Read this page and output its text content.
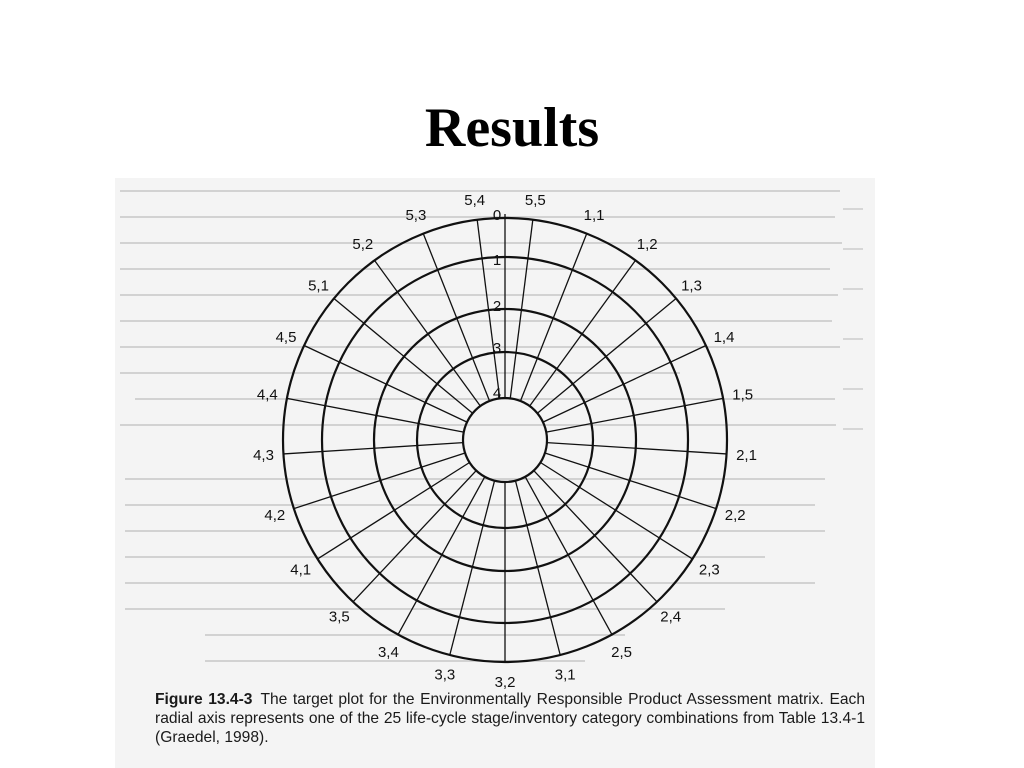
Results
0
1
2
3
4
5,5
1,1
1,2
1,3
1,4
1,5
2,1
2,2
2,3
2,4
2,5
3,1
3,2
3,3
3,4
3,5
4,1
4,2
4,3
4,4
4,5
5,1
5,2
5,3
5,4

Figure 13.4-3 The target plot for the Environmentally Responsible Product Assessment matrix. Each radial axis represents one of the 25 life-cycle stage/inventory category combinations from Table 13.4-1 (Graedel, 1998).
